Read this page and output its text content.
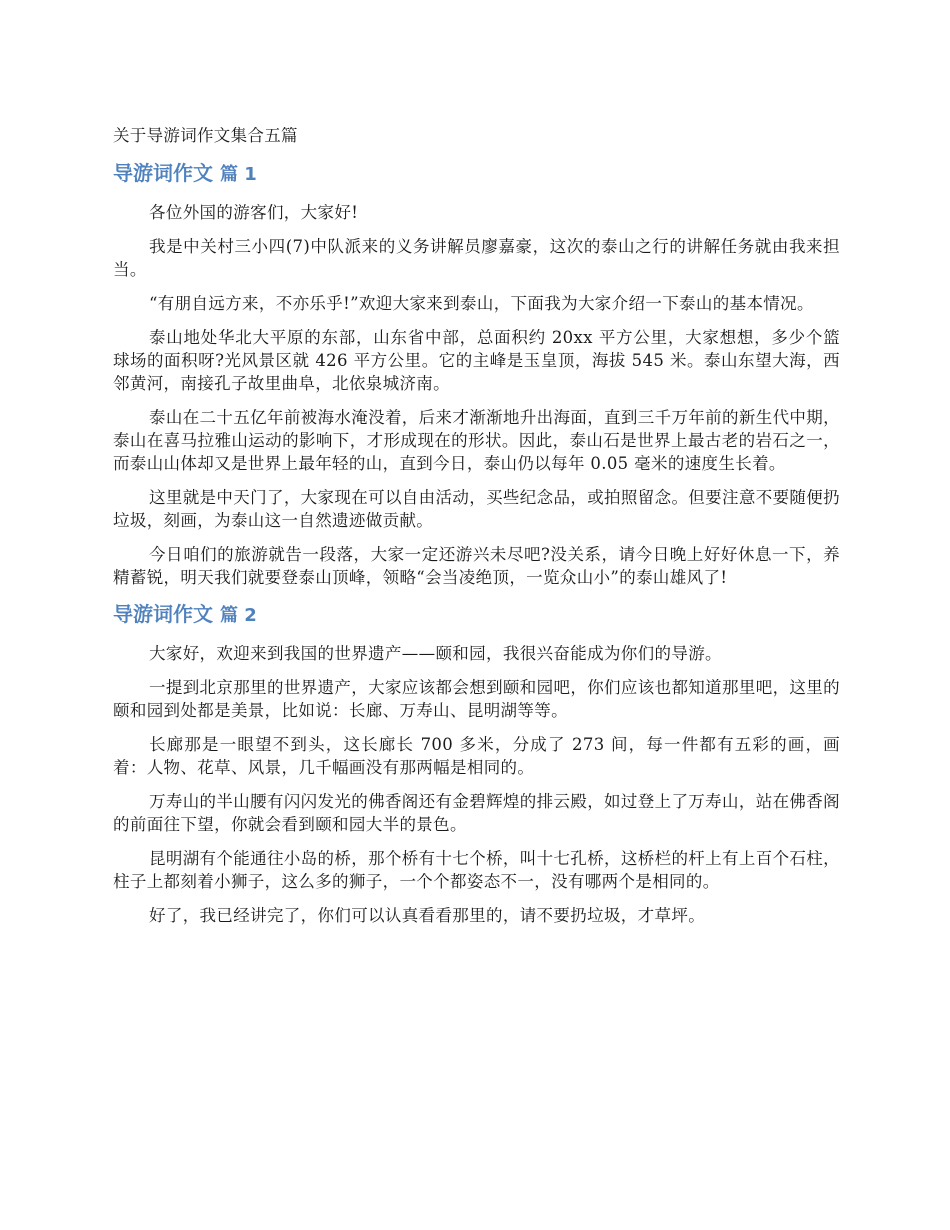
关于导游词作文集合五篇
导游词作文 篇 1

各位外国的游客们，大家好!

我是中关村三小四(7)中队派来的义务讲解员廖嘉豪，这次的泰山之行的讲解任务就由我来担当。

“有朋自远方来，不亦乐乎!”欢迎大家来到泰山，下面我为大家介绍一下泰山的基本情况。

泰山地处华北大平原的东部，山东省中部，总面积约 20xx 平方公里，大家想想，多少个篮球场的面积呀?光风景区就 426 平方公里。它的主峰是玉皇顶，海拔 545 米。泰山东望大海，西邻黄河，南接孔子故里曲阜，北依泉城济南。

泰山在二十五亿年前被海水淹没着，后来才渐渐地升出海面，直到三千万年前的新生代中期，泰山在喜马拉雅山运动的影响下，才形成现在的形状。因此，泰山石是世界上最古老的岩石之一，而泰山山体却又是世界上最年轻的山，直到今日，泰山仍以每年 0.05 毫米的速度生长着。

这里就是中天门了，大家现在可以自由活动，买些纪念品，或拍照留念。但要注意不要随便扔垃圾，刻画，为泰山这一自然遗迹做贡献。

今日咱们的旅游就告一段落，大家一定还游兴未尽吧?没关系，请今日晚上好好休息一下，养精蓄锐，明天我们就要登泰山顶峰，领略“会当凌绝顶，一览众山小”的泰山雄风了!

导游词作文 篇 2

大家好，欢迎来到我国的世界遗产——颐和园，我很兴奋能成为你们的导游。

一提到北京那里的世界遗产，大家应该都会想到颐和园吧，你们应该也都知道那里吧，这里的颐和园到处都是美景，比如说：长廊、万寿山、昆明湖等等。

长廊那是一眼望不到头，这长廊长 700 多米，分成了 273 间，每一件都有五彩的画，画着：人物、花草、风景，几千幅画没有那两幅是相同的。

万寿山的半山腰有闪闪发光的佛香阁还有金碧辉煌的排云殿，如过登上了万寿山，站在佛香阁的前面往下望，你就会看到颐和园大半的景色。

昆明湖有个能通往小岛的桥，那个桥有十七个桥，叫十七孔桥，这桥栏的杆上有上百个石柱，柱子上都刻着小狮子，这么多的狮子，一个个都姿态不一，没有哪两个是相同的。

好了，我已经讲完了，你们可以认真看看那里的，请不要扔垃圾，才草坪。
